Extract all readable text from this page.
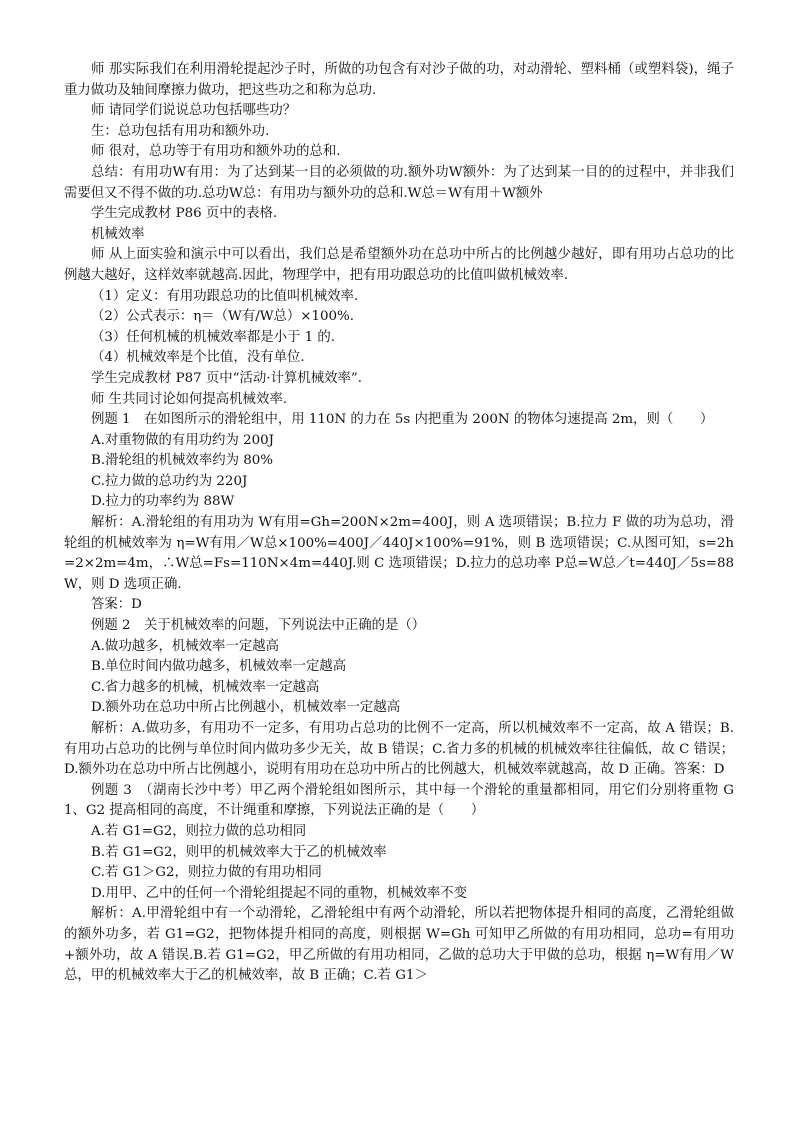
师 那实际我们在利用滑轮提起沙子时，所做的功包含有对沙子做的功，对动滑轮、塑料桶（或塑料袋)，绳子重力做功及轴间摩擦力做功，把这些功之和称为总功.

师 请同学们说说总功包括哪些功？

生：总功包括有用功和额外功.

师 很对，总功等于有用功和额外功的总和.

总结：有用功W有用：为了达到某一目的必须做的功.额外功W额外：为了达到某一目的的过程中，并非我们需要但又不得不做的功.总功W总：有用功与额外功的总和.W总＝W有用＋W额外

学生完成教材 P86 页中的表格.

机械效率

师 从上面实验和演示中可以看出，我们总是希望额外功在总功中所占的比例越少越好，即有用功占总功的比例越大越好，这样效率就越高.因此，物理学中，把有用功跟总功的比值叫做机械效率.

（1）定义：有用功跟总功的比值叫机械效率.

（2）公式表示：η＝（W有/W总）×100%.

（3）任何机械的机械效率都是小于 1 的.

（4）机械效率是个比值，没有单位.

学生完成教材 P87 页中“活动·计算机械效率”.

师 生共同讨论如何提高机械效率.

例题 1　在如图所示的滑轮组中，用 110N 的力在 5s 内把重为 200N 的物体匀速提高 2m，则（　　）

A.对重物做的有用功约为 200J

B.滑轮组的机械效率约为 80%

C.拉力做的总功约为 220J

D.拉力的功率约为 88W

解析：A.滑轮组的有用功为 W有用=Gh=200N×2m=400J，则 A 选项错误；B.拉力 F 做的功为总功，滑轮组的机械效率为 η=W有用／W总×100%=400J／440J×100%=91%，则 B 选项错误；C.从图可知，s=2h=2×2m=4m，∴W总=Fs=110N×4m=440J.则 C 选项错误；D.拉力的总功率 P总=W总／t=440J／5s=88W，则 D 选项正确.

答案：D

例题 2　关于机械效率的问题，下列说法中正确的是（）

A.做功越多，机械效率一定越高

B.单位时间内做功越多，机械效率一定越高

C.省力越多的机械，机械效率一定越高

D.额外功在总功中所占比例越小，机械效率一定越高

解析：A.做功多，有用功不一定多，有用功占总功的比例不一定高，所以机械效率不一定高，故 A 错误；B.有用功占总功的比例与单位时间内做功多少无关，故 B 错误；C.省力多的机械的机械效率往往偏低，故 C 错误；D.额外功在总功中所占比例越小，说明有用功在总功中所占的比例越大，机械效率就越高，故 D 正确。答案：D

例题 3　（湖南长沙中考）甲乙两个滑轮组如图所示，其中每一个滑轮的重量都相同，用它们分别将重物 G1、G2 提高相同的高度，不计绳重和摩擦，下列说法正确的是（　　）

A.若 G1=G2，则拉力做的总功相同

B.若 G1=G2，则甲的机械效率大于乙的机械效率

C.若 G1＞G2，则拉力做的有用功相同

D.用甲、乙中的任何一个滑轮组提起不同的重物，机械效率不变

解析：A.甲滑轮组中有一个动滑轮，乙滑轮组中有两个动滑轮，所以若把物体提升相同的高度，乙滑轮组做的额外功多，若 G1=G2，把物体提升相同的高度，则根据 W=Gh 可知甲乙所做的有用功相同，总功=有用功+额外功，故 A 错误.B.若 G1=G2，甲乙所做的有用功相同，乙做的总功大于甲做的总功，根据 η=W有用／W总，甲的机械效率大于乙的机械效率，故 B 正确；C.若 G1＞
